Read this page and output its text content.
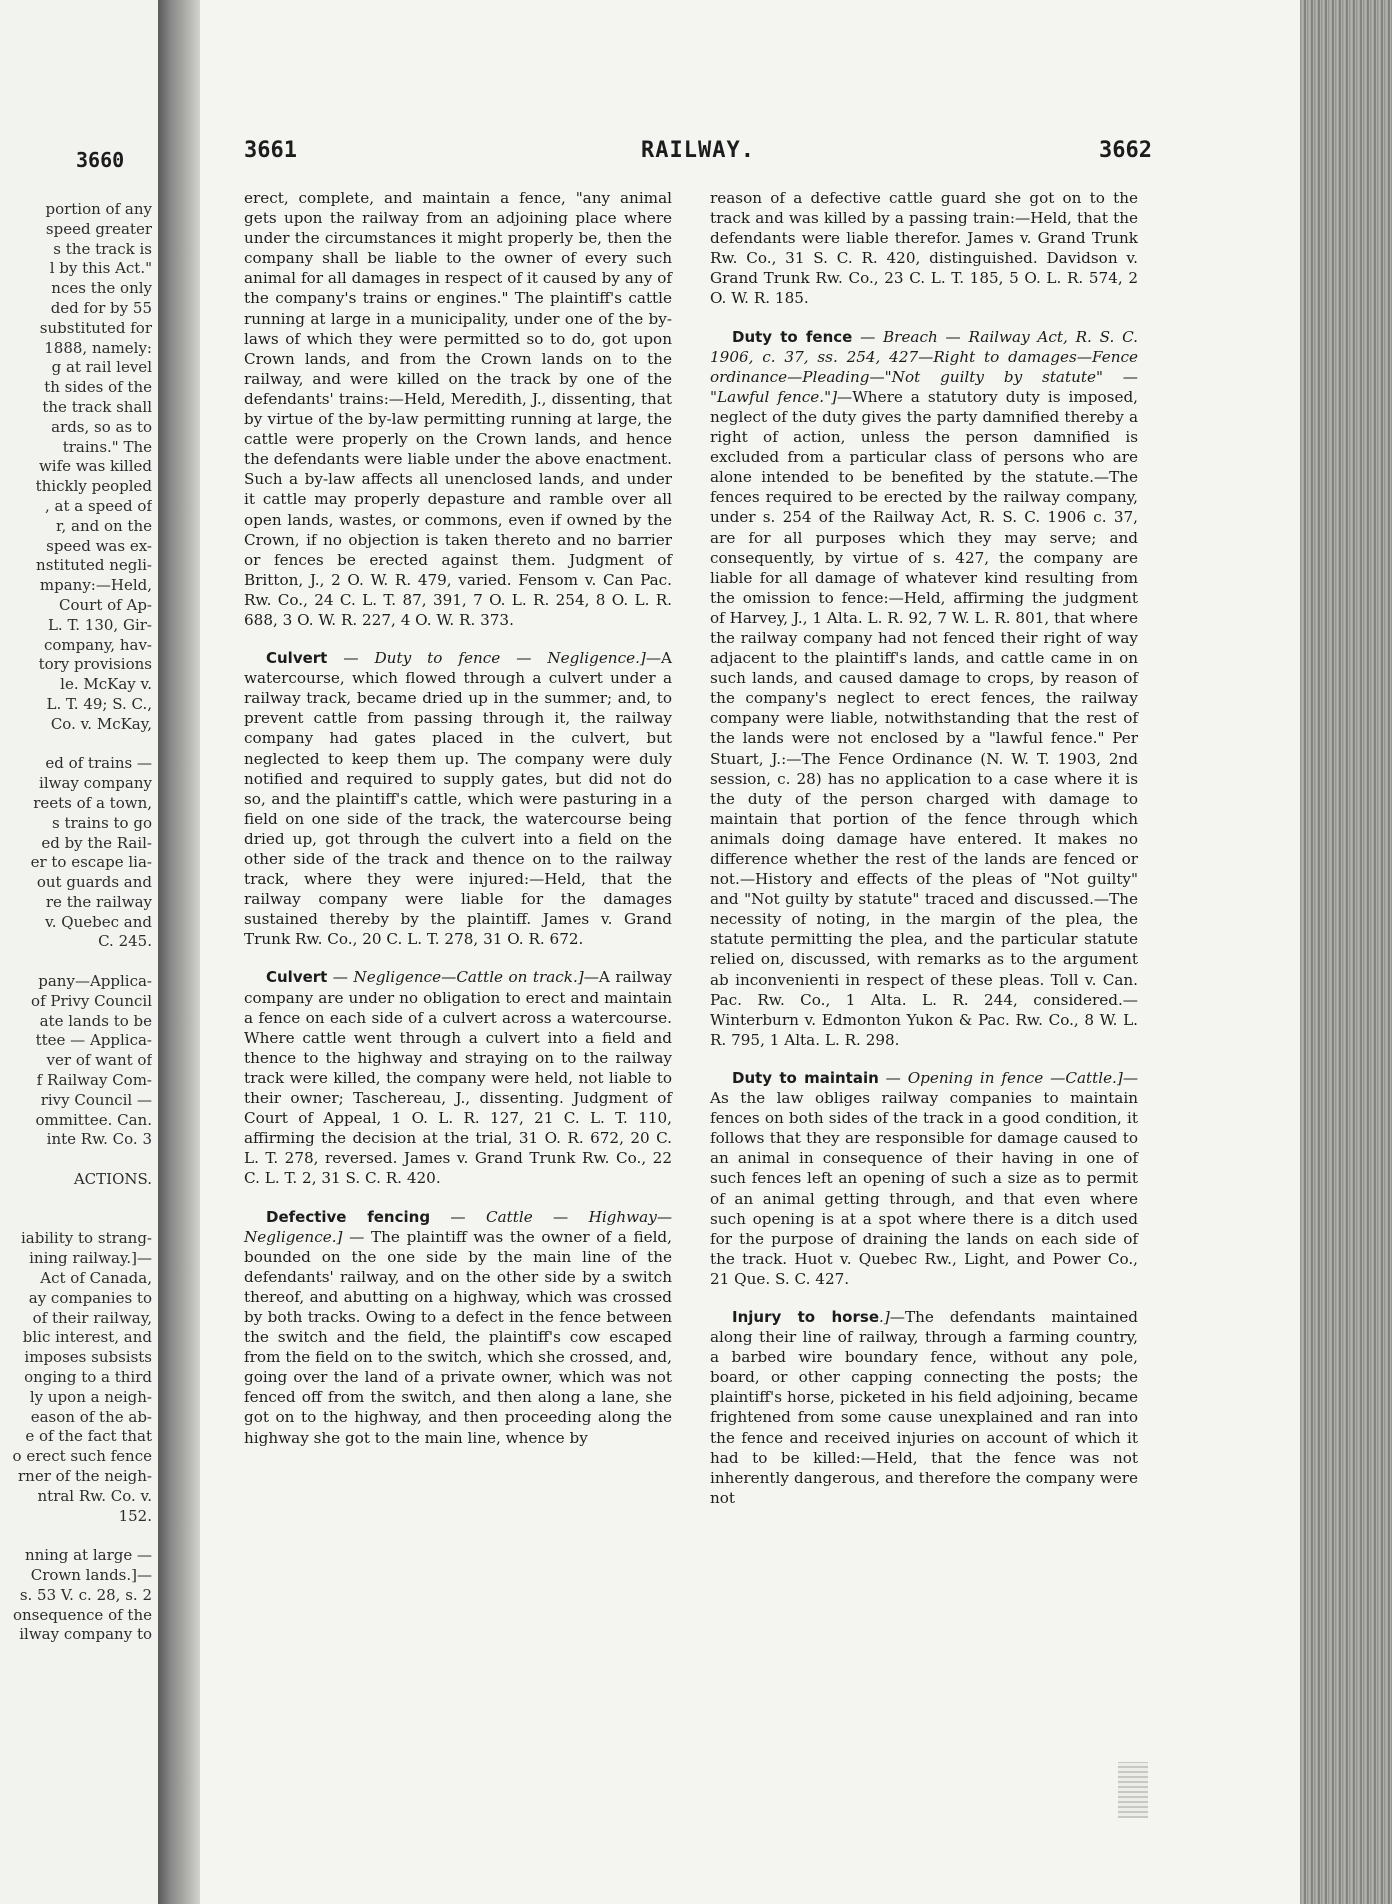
3660
portion of any
speed greater
s the track is
l by this Act."
nces the only
ded for by 55
substituted for
1888, namely:
g at rail level
th sides of the
the track shall
ards, so as to
trains." The
wife was killed
thickly peopled
, at a speed of
r, and on the
speed was ex-
nstituted negli-
mpany:—Held,
Court of Ap-
L. T. 130, Gir-
company, hav-
tory provisions
le. McKay v.
L. T. 49; S. C.,
Co. v. McKay,

ed of trains —
ilway company
reets of a town,
s trains to go
ed by the Rail-
er to escape lia-
out guards and
re the railway
v. Quebec and
C. 245.

pany—Applica-
of Privy Council
ate lands to be
ttee — Applica-
ver of want of
f Railway Com-
rivy Council —
ommittee. Can.
inte Rw. Co. 3

ACTIONS.

iability to strang-
ining railway.]—
Act of Canada,
ay companies to
of their railway,
blic interest, and
imposes subsists
onging to a third
ly upon a neigh-
eason of the ab-
e of the fact that
o erect such fence
rner of the neigh-
ntral Rw. Co. v.
152.

nning at large —
Crown lands.]—
s. 53 V. c. 28, s. 2
onsequence of the
ilway company to
3661	RAILWAY.	3662

erect, complete, and maintain a fence, "any animal gets upon the railway from an adjoining place where under the circumstances it might properly be, then the company shall be liable to the owner of every such animal for all damages in respect of it caused by any of the company's trains or engines." The plaintiff's cattle running at large in a municipality, under one of the by-laws of which they were permitted so to do, got upon Crown lands, and from the Crown lands on to the railway, and were killed on the track by one of the defendants' trains:—Held, Meredith, J., dissenting, that by virtue of the by-law permitting running at large, the cattle were properly on the Crown lands, and hence the defendants were liable under the above enactment. Such a by-law affects all unenclosed lands, and under it cattle may properly depasture and ramble over all open lands, wastes, or commons, even if owned by the Crown, if no objection is taken thereto and no barrier or fences be erected against them. Judgment of Britton, J., 2 O. W. R. 479, varied. Fensom v. Can Pac. Rw. Co., 24 C. L. T. 87, 391, 7 O. L. R. 254, 8 O. L. R. 688, 3 O. W. R. 227, 4 O. W. R. 373.

Culvert — Duty to fence — Negligence.]—A watercourse, which flowed through a culvert under a railway track, became dried up in the summer; and, to prevent cattle from passing through it, the railway company had gates placed in the culvert, but neglected to keep them up. The company were duly notified and required to supply gates, but did not do so, and the plaintiff's cattle, which were pasturing in a field on one side of the track, the watercourse being dried up, got through the culvert into a field on the other side of the track and thence on to the railway track, where they were injured:—Held, that the railway company were liable for the damages sustained thereby by the plaintiff. James v. Grand Trunk Rw. Co., 20 C. L. T. 278, 31 O. R. 672.

Culvert — Negligence—Cattle on track.]—A railway company are under no obligation to erect and maintain a fence on each side of a culvert across a watercourse. Where cattle went through a culvert into a field and thence to the highway and straying on to the railway track were killed, the company were held, not liable to their owner; Taschereau, J., dissenting. Judgment of Court of Appeal, 1 O. L. R. 127, 21 C. L. T. 110, affirming the decision at the trial, 31 O. R. 672, 20 C. L. T. 278, reversed. James v. Grand Trunk Rw. Co., 22 C. L. T. 2, 31 S. C. R. 420.

Defective fencing — Cattle — Highway—Negligence.] — The plaintiff was the owner of a field, bounded on the one side by the main line of the defendants' railway, and on the other side by a switch thereof, and abutting on a highway, which was crossed by both tracks. Owing to a defect in the fence between the switch and the field, the plaintiff's cow escaped from the field on to the switch, which she crossed, and, going over the land of a private owner, which was not fenced off from the switch, and then along a lane, she got on to the highway, and then proceeding along the highway she got to the main line, whence by

reason of a defective cattle guard she got on to the track and was killed by a passing train:—Held, that the defendants were liable therefor. James v. Grand Trunk Rw. Co., 31 S. C. R. 420, distinguished. Davidson v. Grand Trunk Rw. Co., 23 C. L. T. 185, 5 O. L. R. 574, 2 O. W. R. 185.

Duty to fence — Breach — Railway Act, R. S. C. 1906, c. 37, ss. 254, 427—Right to damages—Fence ordinance—Pleading—"Not guilty by statute" — "Lawful fence."]—Where a statutory duty is imposed, neglect of the duty gives the party damnified thereby a right of action, unless the person damnified is excluded from a particular class of persons who are alone intended to be benefited by the statute.—The fences required to be erected by the railway company, under s. 254 of the Railway Act, R. S. C. 1906 c. 37, are for all purposes which they may serve; and consequently, by virtue of s. 427, the company are liable for all damage of whatever kind resulting from the omission to fence:—Held, affirming the judgment of Harvey, J., 1 Alta. L. R. 92, 7 W. L. R. 801, that where the railway company had not fenced their right of way adjacent to the plaintiff's lands, and cattle came in on such lands, and caused damage to crops, by reason of the company's neglect to erect fences, the railway company were liable, notwithstanding that the rest of the lands were not enclosed by a "lawful fence." Per Stuart, J.:—The Fence Ordinance (N. W. T. 1903, 2nd session, c. 28) has no application to a case where it is the duty of the person charged with damage to maintain that portion of the fence through which animals doing damage have entered. It makes no difference whether the rest of the lands are fenced or not.—History and effects of the pleas of "Not guilty" and "Not guilty by statute" traced and discussed.—The necessity of noting, in the margin of the plea, the statute permitting the plea, and the particular statute relied on, discussed, with remarks as to the argument ab inconvenienti in respect of these pleas. Toll v. Can. Pac. Rw. Co., 1 Alta. L. R. 244, considered.—Winterburn v. Edmonton Yukon & Pac. Rw. Co., 8 W. L. R. 795, 1 Alta. L. R. 298.

Duty to maintain — Opening in fence —Cattle.]—As the law obliges railway companies to maintain fences on both sides of the track in a good condition, it follows that they are responsible for damage caused to an animal in consequence of their having in one of such fences left an opening of such a size as to permit of an animal getting through, and that even where such opening is at a spot where there is a ditch used for the purpose of draining the lands on each side of the track. Huot v. Quebec Rw., Light, and Power Co., 21 Que. S. C. 427.

Injury to horse.]—The defendants maintained along their line of railway, through a farming country, a barbed wire boundary fence, without any pole, board, or other capping connecting the posts; the plaintiff's horse, picketed in his field adjoining, became frightened from some cause unexplained and ran into the fence and received injuries on account of which it had to be killed:—Held, that the fence was not inherently dangerous, and therefore the company were not
